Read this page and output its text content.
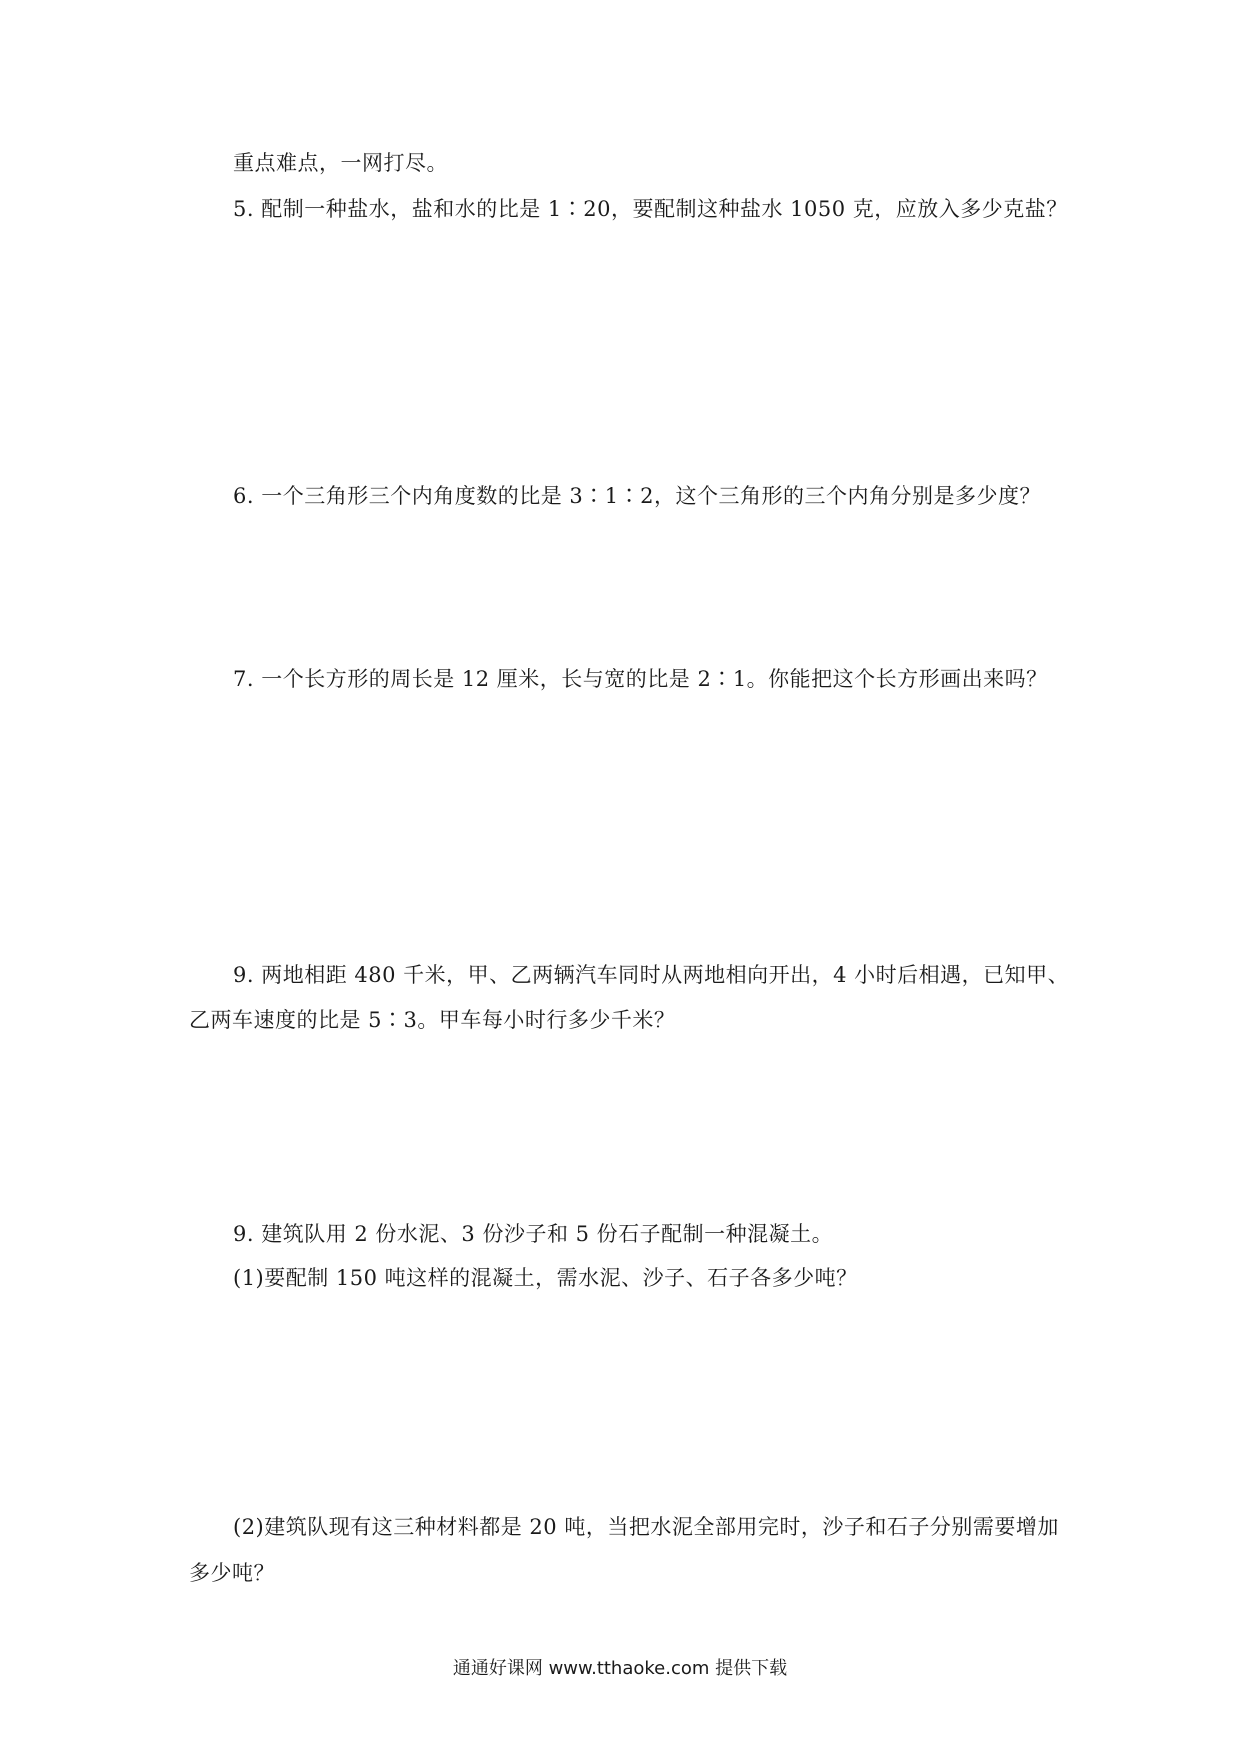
重点难点，一网打尽。
5. 配制一种盐水，盐和水的比是 1∶20，要配制这种盐水 1050 克，应放入多少克盐？
6. 一个三角形三个内角度数的比是 3∶1∶2，这个三角形的三个内角分别是多少度？
7. 一个长方形的周长是 12 厘米，长与宽的比是 2∶1。你能把这个长方形画出来吗？
9. 两地相距 480 千米，甲、乙两辆汽车同时从两地相向开出，4 小时后相遇，已知甲、
乙两车速度的比是 5∶3。甲车每小时行多少千米？
9. 建筑队用 2 份水泥、3 份沙子和 5 份石子配制一种混凝土。
(1)要配制 150 吨这样的混凝土，需水泥、沙子、石子各多少吨？
(2)建筑队现有这三种材料都是 20 吨，当把水泥全部用完时，沙子和石子分别需要增加
多少吨？
通通好课网 www.tthaoke.com 提供下载
